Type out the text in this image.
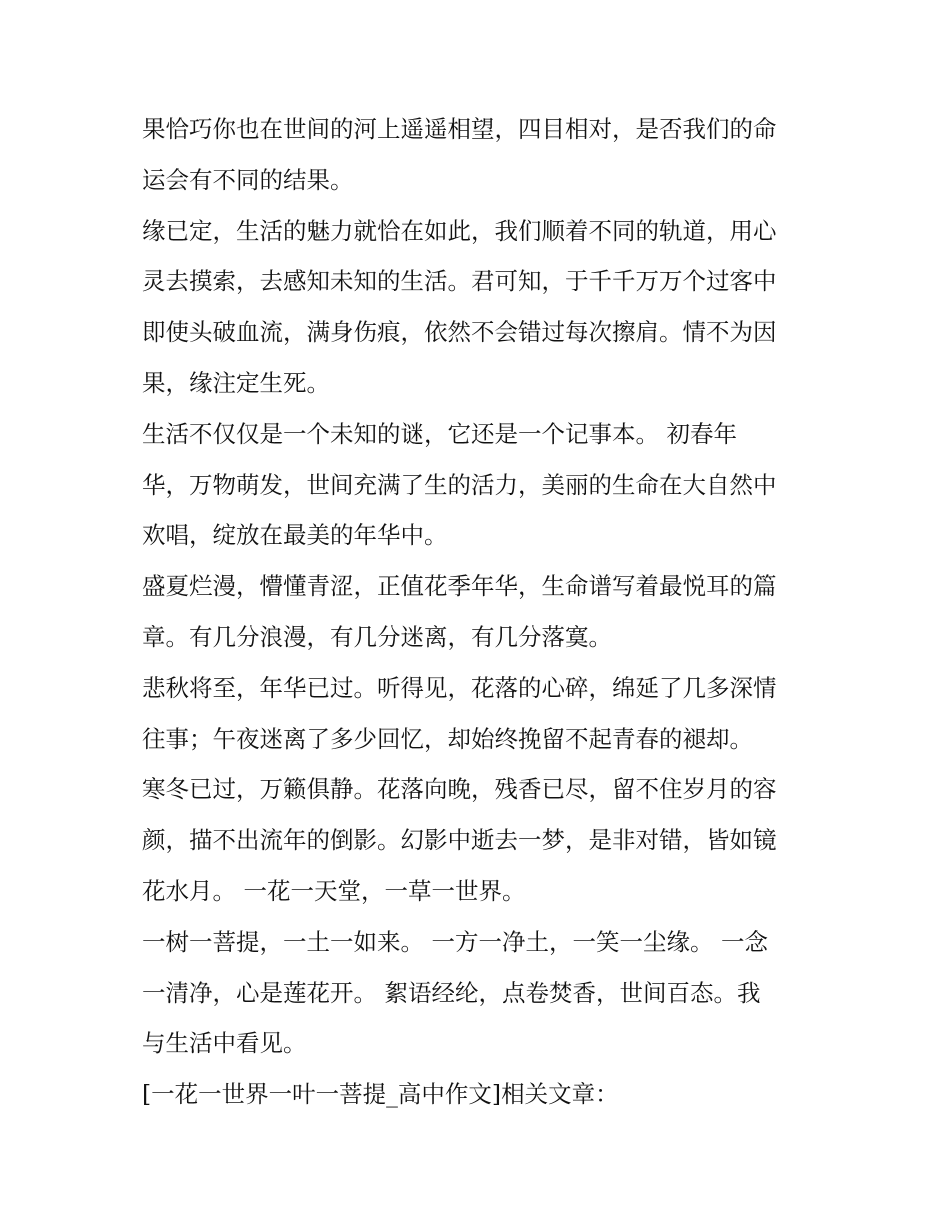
果恰巧你也在世间的河上遥遥相望，四目相对，是否我们的命
运会有不同的结果。
缘已定，生活的魅力就恰在如此，我们顺着不同的轨道，用心
灵去摸索，去感知未知的生活。君可知，于千千万万个过客中
即使头破血流，满身伤痕，依然不会错过每次擦肩。情不为因
果，缘注定生死。
生活不仅仅是一个未知的谜，它还是一个记事本。 初春年
华，万物萌发，世间充满了生的活力，美丽的生命在大自然中
欢唱，绽放在最美的年华中。
盛夏烂漫，懵懂青涩，正值花季年华，生命谱写着最悦耳的篇
章。有几分浪漫，有几分迷离，有几分落寞。
悲秋将至，年华已过。听得见，花落的心碎，绵延了几多深情
往事；午夜迷离了多少回忆，却始终挽留不起青春的褪却。
寒冬已过，万籁俱静。花落向晚，残香已尽，留不住岁月的容
颜，描不出流年的倒影。幻影中逝去一梦，是非对错，皆如镜
花水月。 一花一天堂，一草一世界。
一树一菩提，一土一如来。 一方一净土，一笑一尘缘。 一念
一清净，心是莲花开。 絮语经纶，点卷焚香，世间百态。我
与生活中看见。
[一花一世界一叶一菩提_高中作文]相关文章：
